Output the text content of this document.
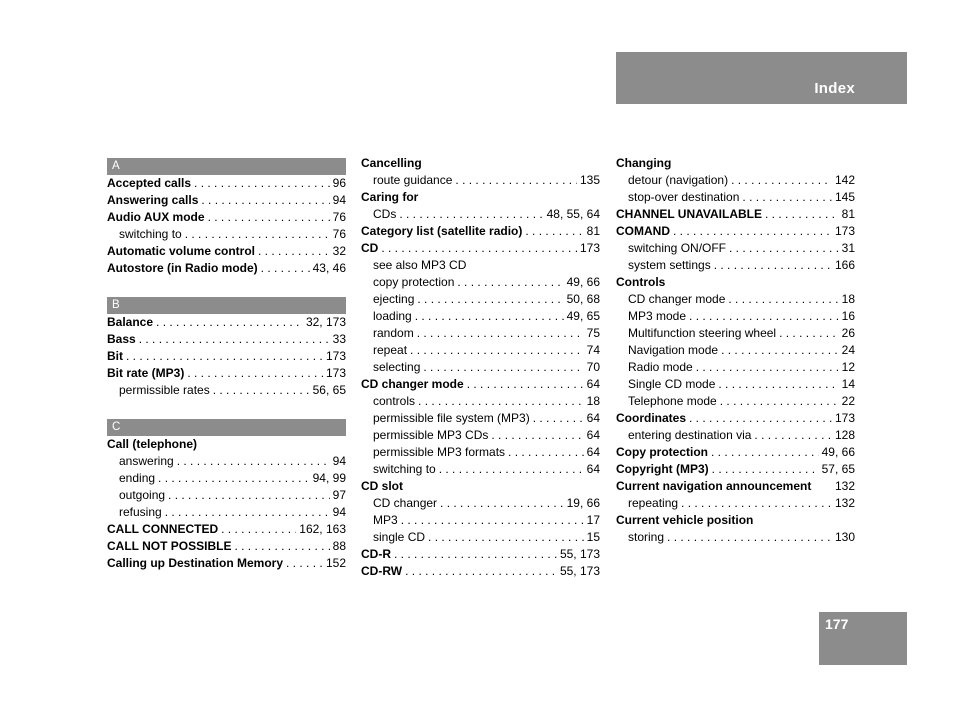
Index
A
Accepted calls . . .	96
Answering calls . . .	94
Audio AUX mode . . .	76
switching to . . .	76
Automatic volume control . . .	32
Autostore (in Radio mode) . . .	43, 46
B
Balance . . .	32, 173
Bass . . .	33
Bit . . .	173
Bit rate (MP3) . . .	173
permissible rates . . .	56, 65
C
Call (telephone)
answering . . .	94
ending . . .	94, 99
outgoing . . .	97
refusing . . .	94
CALL CONNECTED . . .	162, 163
CALL NOT POSSIBLE . . .	88
Calling up Destination Memory . . .	152
Cancelling
route guidance . . .	135
Caring for
CDs . . .	48, 55, 64
Category list (satellite radio) . . .	81
CD . . .	173
see also MP3 CD
copy protection . . .	49, 66
ejecting . . .	50, 68
loading . . .	49, 65
random . . .	75
repeat . . .	74
selecting . . .	70
CD changer mode . . .	64
controls . . .	18
permissible file system (MP3) . . .	64
permissible MP3 CDs . . .	64
permissible MP3 formats . . .	64
switching to . . .	64
CD slot
CD changer . . .	19, 66
MP3 . . .	17
single CD . . .	15
CD-R . . .	55, 173
CD-RW . . .	55, 173
Changing
detour (navigation) . . .	142
stop-over destination . . .	145
CHANNEL UNAVAILABLE . . .	81
COMAND . . .	173
switching ON/OFF . . .	31
system settings . . .	166
Controls
CD changer mode . . .	18
MP3 mode . . .	16
Multifunction steering wheel . . .	26
Navigation mode . . .	24
Radio mode . . .	12
Single CD mode . . .	14
Telephone mode . . .	22
Coordinates . . .	173
entering destination via . . .	128
Copy protection . . .	49, 66
Copyright (MP3) . . .	57, 65
Current navigation announcement	132
repeating . . .	132
Current vehicle position
storing . . .	130
177
